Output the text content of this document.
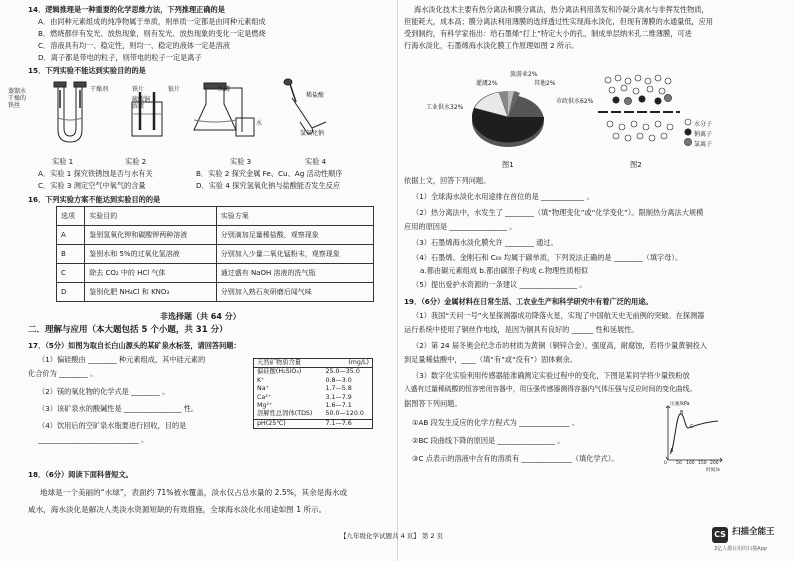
14．逻辑推理是一种重要的化学思维方法，下列推理正确的是
A．由同种元素组成的纯净物属于单质，则单质一定都是由同种元素组成
B．燃烧都伴有发光、放热现象，则有发光、放热现象的变化一定是燃烧
C．溶液具有均一、稳定性，则均一、稳定的液体一定是溶液
D．离子都是带电的粒子，则带电的粒子一定是离子
15．下列实验不能达到实验目的的是
蒸馏水
干燥的
铁丝
干燥剂	铁片
硫酸铜
溶液
银片	红磷
水
稀盐酸
氢氧化钠
实验 1	实验 2	实验 3	实验 4
A．实验 1 探究铁锈蚀是否与水有关	B．实验 2 探究金属 Fe、Cu、Ag 活动性顺序
C．实验 3 测定空气中氧气的含量	D．实验 4 探究氢氧化钠与盐酸能否发生反应
16．下列实验方案不能达到实验目的的是
选项	实验目的	实验方案
A	鉴别氢氧化钾和碳酸钾两种溶液	分别滴加足量稀盐酸，观察现象
B	鉴别水和 5%的过氧化氢溶液	分别加入少量二氧化锰粉末，观察现象
C	除去 CO₂ 中的 HCl 气体	通过盛有 NaOH 溶液的洗气瓶
D	鉴别化肥 NH₄Cl 和 KNO₃	分别加入熟石灰研磨后闻气味
非选择题（共 64 分）
二．理解与应用（本大题包括 5 个小题，共 31 分）
17．（5分）如图为取自长白山源头的某矿泉水标签，请回答问题：
（1）偏硅酸由 ________ 种元素组成，其中硅元素的
化合价为 ________ 。
（2）镁的氧化物的化学式是 ________ 。
（3）该矿泉水的酸碱性是 ________________ 性。
（4）饮用后的空矿泉水瓶要进行回收，目的是
____________________________ 。
天然矿物质含量	(mg/L)
偏硅酸(H₂SiO₃)	25.0—35.0
K⁺	0.8—3.0
Na⁺	1.7—5.8
Ca²⁺	3.1—7.9
Mg²⁺	1.6—7.1
溶解性总固体(TDS)	50.0—120.0
pH(25℃)	7.1—7.6
18．（6分）阅读下面科普短文。
地球是一个美丽的“水球”，表面约 71%被水覆盖，淡水仅占总水量的 2.5%，其余是海水或
咸水，海水淡化是解决人类淡水资源短缺的有效措施，全球海水淡化水用途如图 1 所示。
海水淡化技术主要有热分离法和膜分离法，热分离法利用蒸发和冷凝分离水与非挥发性物质，
但能耗大，成本高；膜分离法利用薄膜的选择透过性实现海水淡化，但现有薄膜的水通量低，应用
受到制约，有科学家指出：给石墨烯“打上”特定大小的孔，制成单层纳米孔二维薄膜，可进
行海水淡化，石墨烯海水淡化膜工作原理如图 2 所示。
旅游业2%
其他2%
灌溉2%
市政供水62%
工业供水32%
图1
水分子
钠离子
氯离子
图2
依据上文，回答下列问题。
（1）全球海水淡化水用途排在首位的是 ____________ 。
（2）热分离法中，水发生了 ________（填“物理变化”或“化学变化”）。限制热分离法大规模
应用的原因是 ________________ 。
（3）石墨烯海水淡化膜允许 ________ 通过。
（4）石墨烯、金刚石和 C₆₀ 均属于碳单质，下列说法正确的是 ________（填字母）。
a.都由碳元素组成 b.都由碳原子构成 c.物理性质相似
（5）提出爱护水资源的一条建议 ________________ 。
19．（6分）金属材料在日常生活、工农业生产和科学研究中有着广泛的用途。
（1）我国“天问一号”火星探测器成功降落火星，实现了中国航天史无前例的突破。在探测器
运行系统中使用了铜丝作电线，是因为铜具有良好的 ______ 性和延展性。
（2）第 24 届冬奥会纪念币的材质为黄铜（铜锌合金），强度高，耐腐蚀，若将少量黄铜投入
到足量稀盐酸中，____（填“有”或“没有”）固体剩余。
（3）数字化实验利用传感器能准确测定实验过程中的变化，下图是某同学将少量铁粉放
入盛有过量稀硫酸的恒容密闭容器中，用压强传感器测得容器内气体压强与反应时间的变化曲线。
据图答下列问题。
①AB 段发生反应的化学方程式为 ______________ 。
②BC 段曲线下降的原因是 ________________ 。
③C 点表示的溶液中含有的溶质有 ______________（填化学式）。
压强/kPa
B
C
A
时间/s
0 50 100 150 200
【九年级化学试题共 4 页】 第 2 页	CS 扫描全能王
3亿人都在用的扫描App
